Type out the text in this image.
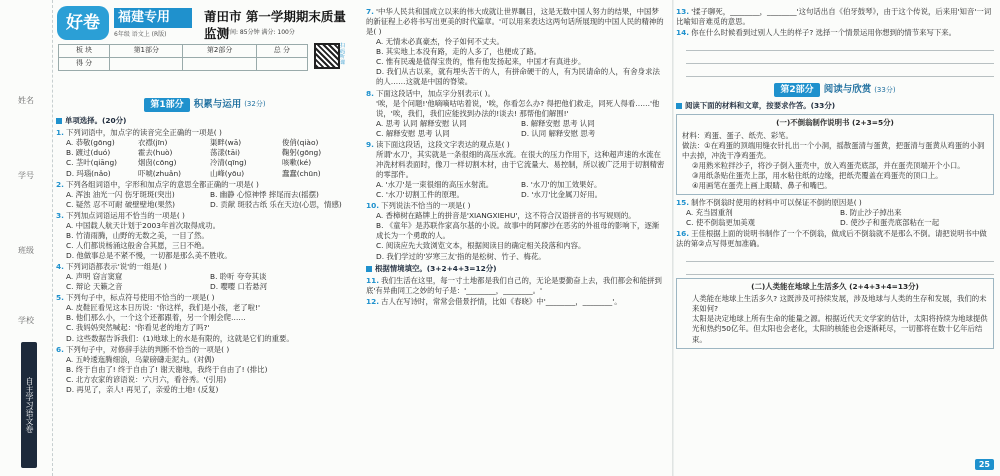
姓名
学号
班级
学校
自主学习语文卷
好卷	福建专用
6年级 语文上 (R版)
莆田市 第一学期期末质量监测
时间: 85分钟 满分: 100分
板 块	第1部分	第2部分	总 分
得 分			
扫码听课
第1部分	积累与运用 (32分)
单项选择。(20分)
1. 下列词语中，加点字的读音完全正确的一项是( )
A. 恭敬(gōng)	衣襟(jīn)	渠畔(wā)	俊俏(qiào)
B. 踱过(duó)	霍去(huò)	荡漾(tāi)	鞠躬(gōng)
C. 茎叶(qiāng)	烟囱(cōng)	冷清(qīng)	咳嗽(ké)
D. 玛瑙(nǎo)	吓唬(zhuǎn)	山峰(yōu)	蠢蠢(chūn)
2. 下列各组词语中，字形和加点字的意思全都正确的一项是( )
A. 浑浊 油光一闪 伤牙斑斑(突出)	B. 幽静 心惊神悸 摔尾而去(摇摆)
C. 疑然 忍不可耐 破壁壁地(果然)	D. 贡献 斑驳古纸 乐在天边(心思，情感)
3. 下列加点词语运用不恰当的一项是( )
A. 中国载人航天计划于2003年首次取得成功。
B. 竹清雨腾，山野的无数之美，一目了然。
C. 人们都说杨涌这般舍合其愿，三日不绝。
D. 他做事总是不紧不慢，一切都是那么美不胜收。
4. 下列词语都表示'说'的一组是( )
A. 声明 窃言窦窟	B. 聆听 夸夸其谈
C. 辩论 天籁之音	D. 嘤嘤 口若悬河
5. 下列句子中，标点符号使用不恰当的一项是( )
A. 皮鞋匠看见这本日历说：'你这样，我们是小孩，老了啦!'
B. 他们那么小，一个这个还都跟着，另一个刚会爬……
C. 我妈妈突然喊起：'你看见老的地方了吗?'
D. 这些数据告诉我们：(1)地球上的水是有限的，这就是它们的重要。
6. 下列句子中，对修辞手法的判断不恰当的一项是( )
A. 五岭逶迤腾细浪，乌蒙磅礴走泥丸。(对偶)
B. 终于自由了! 终于自由了! 谢天谢地，我终于自由了! (排比)
C. 北方农家的谚语说：'六月六，看谷秀。'(引用)
D. 再见了，亲人! 再见了，亲爱的土地! (反复)
7. '中华人民共和国成立以来的伟大成就让世界瞩目，这是无数中国人努力的结果，中国梦的新征程上必将书写出更美的时代篇章。'可以用来表达这两句话所展现的中国人民的精神的是( )
A. 无情未必真豪杰，怜子如何不丈夫。
B. 其实地上本没有路，走的人多了，也便成了路。
C. 惟有民魂是值得宝贵的，惟有他发扬起来，中国才有真进步。
D. 我们从古以来，就有埋头苦干的人，有拼命硬干的人，有为民请命的人，有舍身求法的人……这就是中国的脊梁。
8. 下面这段话中，加点字分别表示( )。
'唉，是个问题!'他嘀嘀咕咕着说，'唉，你看怎么办? 得把他们救走，同死人得看……'他说，'唉，我们，我们应能找到办法的!谈去! 那帮他们解围!'
A. 思考 认同 解释安慰 认同	B. 解释安慰 思考 认同
C. 解释安慰 思考 认同	D. 认同 解释安慰 思考
9. 读下面这段话，这段文字表达的观点是( )
所谓'水刀'，其实就是一条很细的高压水流。在很大的压力作用下，这种超声速的水流在冲洗材料表面时，像刀一样切割木材，由于它流量大、易控制，所以被广泛用于切割精密的零部件。
A. '水刀'是一束很细的高压水射流。	B. '水刀'的加工效果好。
C. '水刀'切割工件的原理。	D. '水刀'比金属刀好用。
10. 下列说法不恰当的一项是( )
A. 香樟树在路牌上的拼音是'XIANGXIEHU'，这不符合汉语拼音的书写规则的。
B. 《童年》是苏联作家高尔基的小说。故事中的阿廖沙在恶劣的外祖母的影响下，逐渐成长为一个勇敢的人。
C. 阅读应先大致浏览文本，根据阅读目的确定相关段落和内容。
D. 我们学过的'岁寒三友'指的是松树、竹子、梅花。
根据情境填空。(3+2+4+3=12分)
11. 我们生活在这里，每一寸土地都是我们自己的，无论是要勤奋上去，我们都会和能拼到底'有异曲同工之妙的句子是：'________，________。'
12. 古人在写诗时，常常会借景抒情，比如《春晓》中'________，________'。
13. '揉子聊死，________，________'这句话出自《伯牙鼓琴》，由于这个传说，后来用'知音'一词比喻知音难觅的意思。
14. 你在什么时候看到过别人人生的样子? 选择一个情景运用你想到的情节来写下来。
第2部分	阅读与欣赏 (33分)
阅读下面的材料和文章，按要求作答。(33分)
(一)不倒翁制作说明书 (2+3=5分)
材料：鸡蛋、蛋子、纸壳、彩笔。
做法：①在鸡蛋的顶端用缝衣针扎出一个小洞，摇散蛋清与蛋黄，把蛋清与蛋黄从鸡蛋的小洞中去掉，冲洗干净鸡蛋壳。
②用熟米粒拌沙子，将沙子倒入蛋壳中，放入鸡蛋壳底部，并在蛋壳顶端开个小口。
③用纸条贴住蛋壳上部，用水粘住纸的边缘，把纸壳覆盖在鸡蛋壳的顶口上。
④用画笔在蛋壳上画上眼睛、鼻子和嘴巴。
15. 制作不倒翁时使用的材料中可以保证不倒的原因是( )
A. 充当固重剂	B. 防止沙子掉出来
C. 使不倒翁更加美观	D. 使沙子和蛋壳底部粘在一起
16. 王佳根据上面的说明书制作了一个不倒翁，做成后不倒翁就不是那么不倒。请把说明书中做法的第②点写得更加准确。
(二)人类能在地球上生活多久 (2+4+3+4=13分)
人类能在地球上生活多久? 这既涉及可持续发展，涉及地球与人类的生存和发展，我们的未来如何?
太阳是决定地球上所有生命的能量之源。根据近代天文学家的估计，太阳将持续为地球提供光和热约50亿年。但太阳也会老化，太阳的核能也会逐渐耗尽，一切都将在数十亿年后结束。
25
